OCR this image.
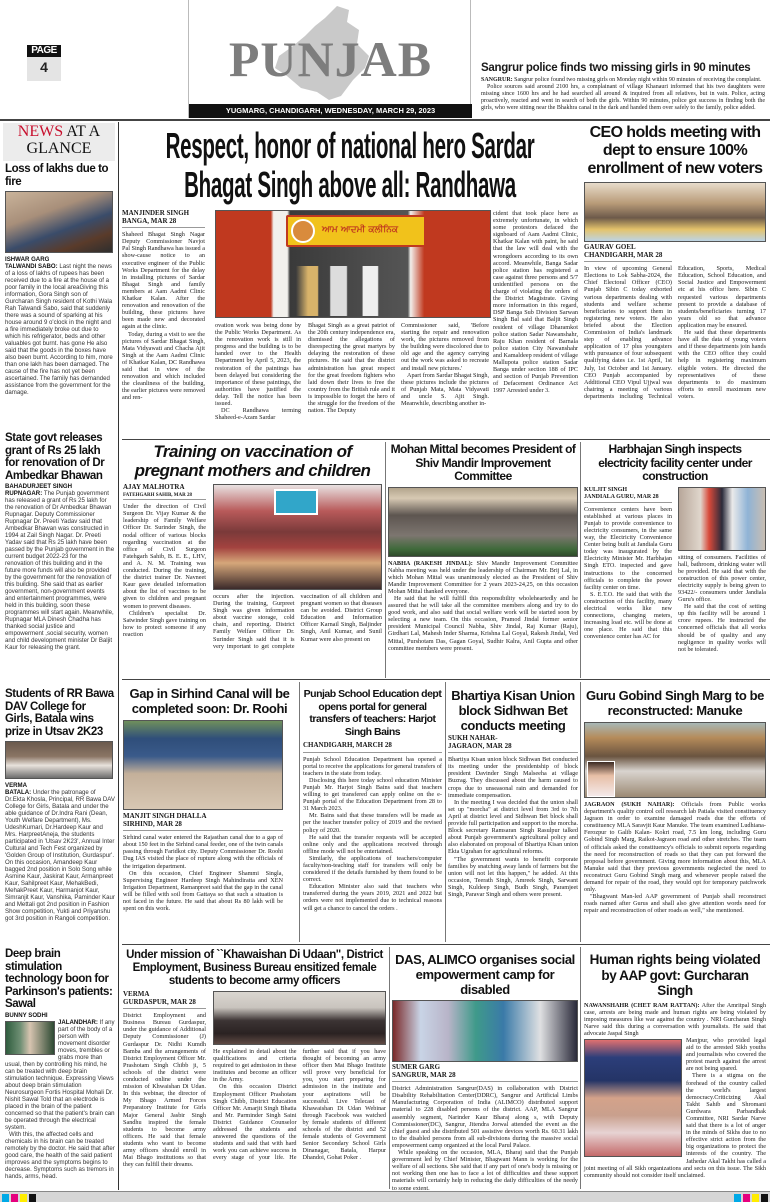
PAGE
4	PUNJAB
YUGMARG, CHANDIGARH, WEDNESDAY, MARCH 29, 2023
Sangrur police finds two missing girls in 90 minutes

SANGRUR: Sangrur police found two missing girls on Monday night within 90 minutes of receiving the complaint.

Police sources said around 2100 hrs, a complainant of village Khanauri informed that his two daughters were missing since 1600 hrs and he had searched all around & inquired from all relatives, but in vain. Police, acting proactively, reacted and went in search of both the girls. Within 90 minutes, police got success in finding both the girls, who were sitting near the Bhakhra canal in the dark and handed them over safely to the family, police added.

NEWS AT A GLANCE
Loss of lakhs due to fire
ISHWAR GARG
TALWANDI SABO: Last night the news of a loss of lakhs of rupees has been received due to a fire at the house of a poor family in the local areaGiving this information, Gora Singh son of Gurcharan Singh resident of Kothi Wala Rah Talwandi Sabo, said that suddenly there was a sound of sparking at his house around 9 o'clock in the night and a fire immediately broke out due to which his refrigerator, beds and other valuables got burnt. has gone He also said that the goods in the boxes have also been burnt. According to him, more than one lakh has been damaged. The cause of the fire has not yet been ascertained. The family has demanded assistance from the government for the damage.
State govt releases grant of Rs 25 lakh for renovation of Dr Ambedkar Bhawan
BAHADURJEET SINGH
RUPNAGAR: The Punjab government has released a grant of Rs 25 lakh for the renovation of Dr Ambedkar Bhawan Rupnagar. Deputy Commissioner Rupnagar Dr. Preeti Yadav said that Ambedkar Bhawan was constructed in 1994 at Zail Singh Nagar. Dr. Preeti Yadav said that Rs 25 lakh have been passed by the Punjab government in the current budget 2022-23 for the renovation of this building and in the future more funds will also be provided by the government for the renovation of this building. She said that as earlier government, non-government events and entertainment programmes, were held in this building, soon these programmes will start again. Meanwhile, Rupnagar MLA Dinesh Chadha has thanked social justice and empowerment ,social security, women and child development minister Dr Baljit Kaur for releasing the grant.
Students of RR Bawa DAV College for Girls, Batala wins prize in Utsav 2K23
VERMA
BATALA: Under the patronage of Dr.Ekta Khosla, Principal, RR Bawa DAV College for Girls, Batala and under the able guidance of Dr.Indra Rani (Dean, Youth Welfare Department), Ms. UdeshKumari, Dr.Hardeep Kaur and Mrs. HarpreetAneja, the students participated in 'Utsav 2K23', Annual Inter Cultural and Tech Fest organized by 'Golden Group of Institution, Gurdaspur'. On this occasion, Amandeep Kaur bagged 2nd position in Solo Song while Asmine Kaur, Jaskirat Kaur, Armanpreet Kaur, Sahilpreet Kaur, MehakBedi, MehakPreet Kaur, Harmanjot Kaur, Simranjit Kaur, Vanshika, Paminder Kaur and Mettali got 2nd position in Fashion Show competition, Yukti and Priyanshu got 3rd position in Rangoli competition.
Deep brain stimulation technology boon for Parkinson's patients: Sawal
BUNNY SODHI
JALANDHAR: If any part of the body of a person with movement disorder moves, trembles or grabs more than usual, then by controlling his mind, he can be treated with deep brain stimulation technique. Expressing Views about deep brain stimulation Neurosurgeon Fortis Hospital Mohali Dr. Nishit Sawal Told that an electrode is placed in the brain of the patient concerned so that the patient's brain can be operated through the electrical system.
With this, the affected cells and chemicals in his brain can be treated remotely by the doctor. He said that after good care, the health of the said patient improves and the symptoms begins to decrease. Symptoms such as tremors in hands, arms, head.
Respect, honor of national hero Sardar
Bhagat Singh above all: Randhawa
MANJINDER SINGH
BANGA, MAR 28

Shaheed Bhagat Singh Nagar Deputy Commissioner Navjot Pal Singh Randhawa has issued a show-cause notice to an executive engineer of the Public Works Department for the delay in installing pictures of Sardar Bhagat Singh and family members at Aam Aadmi Clinic Khatkar Kalan. After the renovation and renovation of the building, these pictures have been made new and decorated again at the clinic.

Today, during a visit to see the pictures of Sardar Bhagat Singh, Mata Vidyawati and Chacha Ajit Singh at the Aam Aadmi Clinic of Khatkar Kalan, DC Randhawa said that in view of the renovation and which included the cleanliness of the building, the earlier pictures were removed and ren-

ਆਮ ਆਦਮੀ ਕਲੀਨਿਕ

ovation work was being done by the Public Works Department. As the renovation work is still in progress and the building is to be handed over to the Health Department by April 5, 2023, the restoration of the paintings has been delayed but considering the importance of these paintings, the authorities have justified the delay. Tell the notice has been issued.

DC Randhawa terming Shaheed-e-Azam Sardar

Bhagat Singh as a great patriot of the 20th century independence era, dismissed the allegations of disrespecting the great martyrs by delaying the restoration of these pictures. He said that the district administration has great respect for the great freedom fighters who laid down their lives to free the country from the British rule and it is impossible to forget the hero of the struggle for the freedom of the nation. The Deputy

Commissioner said, 'Before starting the repair and renovation work, the pictures removed from the building were discolored due to old age and the agency carrying out the work was asked to recreate and install new pictures.'

Apart from Sardar Bhagat Singh, these pictures include the pictures of Punjab Mata, Mata Vidyavati and uncle S. Ajit Singh. Meanwhile, describing another in-

cident that took place here as extremely unfortunate, in which some protestors defaced the signboard of Aam Aadmi Clinic, Khatkar Kalan with paint, he said that the law will deal with the wrongdoers according to its own accord. Meanwhile, Banga Sadar police station has registered a case against three persons and 5/7 unidentified persons on the charge of violating the orders of the District Magistrate. Giving more information in this regard, DSP Banga Sub Division Sarwan Singh Bal said that Baljit Singh resident of village Dharamkot police station Sadar Nawanshahr, Raju Khan resident of Barnala police station City Nawanshahr and Kamaldeep resident of village Mallupota police station Sadar Banga under section 188 of IPC and section of Punjab Prevention of Defacement Ordinance Act 1997 Arrested under 3.

CEO holds meeting with dept to ensure 100% enrollment of new voters
GAURAV GOEL
CHANDIGARH, MAR 28

In view of upcoming General Elections to Lok Sabha-2024, the Chief Electoral Officer (CEO) Punjab Sibin C today exhorted various departments dealing with students and welfare scheme beneficiaries to support them in registering new voters. He also briefed about the Election Commission of India's landmark step of enabling advance application of 17 plus youngsters with pursuance of four subsequent qualifying dates i.e. 1st April, 1st July, 1st October and 1st January. CEO Punjab accompanied by Additional CEO Vipul Ujjwal was chairing a meeting of various departments including Technical Education, Sports, Medical Education, School Education, and Social Justice and Empowerment etc at his office here. Sibin C requested various departments present to provide a database of students/beneficiaries turning 17 years old so that advance application may be ensured.

He said that these departments have all the data of young voters and if these departments join hands with the CEO office they could help in registering maximum eligible voters. He directed the representatives of these departments to do maximum efforts to enroll maximum new voters.

Training on vaccination of pregnant mothers and children
AJAY MALHOTRA
FATEHGARH SAHIB, MAR 28

Under the direction of Civil Surgeon Dr. Vijay Kumar & the leadership of Family Welfare Officer Dr. Surinder Singh, the nodal officer of various blocks regarding vaccination at the office of Civil Surgeon Fatehgarh Sahib, B. E. E., LHV, and A. N. M. Training was conducted. During the training, the district trainer Dr. Navneet Kaur gave detailed information about the list of vaccines to be given to children and pregnant women to prevent diseases.

Children's specialist Dr. Satwinder Singh gave training on how to protect someone if any reaction

occurs after the injection. During the training, Gurpreet Singh was given information about vaccine storage, cold chain, and reporting. District Family Welfare Officer Dr. Surinder Singh said that it is very important to get complete vaccination of all children and pregnant women so that diseases can be avoided. District Group Education and Information Officer Karnail Singh, Baljinder Singh, Anil Kumar, and Sunil Kumar were also present on

Mohan Mittal becomes President of Shiv Mandir Improvement Committee

NABHA (RAKESH JINDAL): Shiv Mandir Improvement Committee Nabha meeting was held under the leadership of Chairman Mr. Brij Lal, in which Mohan Mittal was unanimously elected as the President of Shiv Mandir Improvement Committee for 2 years 2023-24,25, on this occasion Mohan Mittal thanked everyone.

He said that he will fulfill this responsibility wholeheartedly and he assured that he will take all the committee members along and try to do good work, and also said that social welfare work will be started soon by selecting a new team. On this occasion, Pramod Jindal former senior president Municipal Council Nabha, Shiv Jindal, Raj Kumar (Raju), Girdhari Lal, Mahesh Inder Sharma, Krishna Lal Goyal, Rakesh Jindal, Ved Mittal, Purshotam Das, Gagan Goyal, Sudhir Kalra, Anil Gupta and other committee members were present.

Harbhajan Singh inspects electricity facility center under construction
KULJIT SINGH
JANDIALA GURU, MAR 28

Convenience centers have been established at various places in Punjab to provide convenience to electricity consumers, in the same way, the Electricity Convenience Center being built at Jandiala Guru today was inaugurated by the Electricity Minister Mr. Harbhajan Singh ETO. inspected and gave instructions to the concerned officials to complete the power facility center on time.

S. E.T.O. He said that with the construction of this facility, many electrical works like new connections, changing meters, increasing load etc. will be done at one place. He said that this convenience center has AC for

sitting of consumers. Facilities of hall, bathroom, drinking water will be provided. He said that with the construction of this power center, electricity supply is being given to 93422/- consumers under Jandiala Guru's office.

He said that the cost of setting up this facility will be around 1 crore rupees. He instructed the concerned officials that all works should be of quality and any negligence in quality works will not be tolerated.

Gap in Sirhind Canal will be completed soon: Dr. Roohi
MANJIT SINGH DHALLA
SIRHIND, MAR 28

Sirhind canal water entered the Rajasthan canal due to a gap of about 150 feet in the Sirhind canal feeder, one of the twin canals passing through Faridkot city. Deputy Commissioner Dr. Roohi Dug IAS visited the place of rupture along with the officials of the irrigation department.

On this occasion, Chief Engineer Shammi Singla, Supervising Engineer Hardeep Singh Mahindiratta and XEN Irrigation Department, Ramanpreet said that the gap in the canal will be filled with soil from Gattaya so that such a situation is not faced in the future. He said that about Rs 80 lakh will be spent on this work.

Punjab School Education dept opens portal for general transfers of teachers: Harjot Singh Bains
CHANDIGARH, MARCH 28

Punjab School Education Department has opened a portal to receive the applications for general transfers of teachers in the state from today.

Disclosing this here today school education Minister Punjab Mr. Harjot Singh Bains said that teachers willing to get transfered can apply online on the e-Punjab portal of the Education Department from 28 to 31 March 2023.

Mr. Bains said that these transfers will be made as per the teacher transfer policy of 2019 and the revised policy of 2020.

He said that the transfer requests will be accepted online only and the applications received through offline mode will not be entertained.

Similarly, the applications of teachers/computer faculty/non-teaching staff for transfers will only be considered if the details furnished by them found to be correct.

Education Minister also said that teachers who transferred during the years 2019, 2021 and 2022 but orders were not implemented due to technical reasons will get a chance to cancel the orders .

Bhartiya Kisan Union block Sidhwan Bet conducts meeting
SUKH NAHAR-
JAGRAON, MAR 28

Bhartiya Kisan union block Sidhwan Bet conducted its meeting under the presidentship of block president Davinder Singh Malseeha at village Buzrag. They discussed about the harm caused to crops due to unseasonal rain and demanded for immediate compensation.

In the meeting I was decided that the union shall set up "morcha" at district level from 3rd to 7th April at district level and Sidhwan Bet block shall provide full participation and support to the morcha. Block secretary Ramsaran Singh Rasulpur talked about Punjab government's agricultural policy and also elaborated on proposal of Bhartiya Kisan union Ekta Ugrahan for agricultural reforms.

"The government wants to benefit corporate families by snatching away lands of farmers but the union will not let this happen," he added. At this occasion, Teerath Singh, Amreek Singh, Sarwant Singh, Kuldeep Singh, Budh Singh, Paramjeet Singh, Paravar Singh and others were present.

Guru Gobind Singh Marg to be reconstructed: Manuke

JAGRAON (SUKH NAHAR): Officials from Public works department's quality control cell research lab Patiala visited constituency Jagraon in order to examine damaged roads due the efforts of constituency MLA Saravjit Kaur Manuke. The team examined Ludhiana-Ferozpur to Galib Kalan- Kokri road, 7.5 km long, including Guru Gobind Singh Marg, Raikot-Jagraon road and other stretches. The team of officials asked the constituency's officials to submit reports regarding the need for reconstruction of roads so that they can put forward the proposal before government. Giving more information about this, MLA Manuke said that they previous governments neglected the need to reconstruct Guru Gobind Singh marg and whenever people raised the demand for repair of the road, they would opt for temporary patchwork only.

"Bhagwant Man-led AAP government of Punjab shall reconstruct roads named after Gurus and shall also give attention words need for repair and reconstruction of other roads as well," she mentioned.

Under mission of ``Khawaishan Di Udaan", District Employment, Business Bureau ensitized female students to become army officers
VERMA
GURDASPUR, MAR 28

District Employment and Business Bureau Gurdaspur, under the guidance of Additional Deputy Commissioner (J) Gurdaspur Dr. Nidhi Kumdh Bamba and the arrangements of District Employment Officer Mr. Prashotam Singh Chibb ji, 5 schools of the district were conducted online under the mission of Khwaishan Di Udan. In this webinar, the director of My Bhago Armed Forces Preparatory Institute for Girls Major General Jasbir Singh Sandhu inspired the female students to become army officers. He said that female students who want to become army officers should enroll in Mai Bhago institutions so that they can fulfill their dreams.

He explained in detail about the qualifications and criteria required to get admission in these institutes and become an officer in the Army.

On this occasion District Employment Officer Prashotam Singh Chibb, District Education Officer Mr. Amarjit Singh Bhatia and Mr. Parminder Singh Saini District Guidance Counselor addressed the students and answered the questions of the students and said that with hard work you can achieve success in every stage of your life. He further said that if you have thought of becoming an army officer then Mai Bhago Institute will prove very beneficial for you, you start preparing for admission in the institute and your aspirations will be successful. Live Telecast of Khawaishan Di Udan Webinar through Facebook was watched by female students of different schools of the district and 52 female students of Government Senior Secondary School Girls Dinanagar, Batala, Harpur Dhandoi, Gohat Poker .

DAS, ALIMCO organises social empowerment camp for disabled
SUMER GARG
SANGRUR, MAR 28

District Administration Sangrur(DAS) in collaboration with District Disability Rehabilitation Center(DDRC), Sangrur and Artificial Limbs Manufacturing Corporation of India (ALIMCO) distributed support material to 228 disabled persons of the district. AAP, MLA Sangrur assembly segment, Narinder Kaur Bharaj along s, with Deputy Commissioner(DC), Sangrur, Jitendra Jorwal attended the event as the chief guest and she distributed 501 assistive devices worth Rs. 60.31 lakh to the disabled persons from all sub-divisions during the massive social empowerment camp organized at the local Parul Palace.

While speaking on the occasion, MLA, Bharaj said that the Punjab government led by Chief Minister, Bhagwant Mann is working for the welfare of all sections. She said that if any part of one's body is missing or not working then one has to face a lot of difficulties and these support materials will certainly help in reducing the daily difficulties of the needy to some extent.

Human rights being violated by AAP govt: Gurcharan Singh

NAWANSHAHR (CHET RAM RATTAN): After the Amritpal Singh case, arrests are being made and human rights are being violated by imposing measures like war against the country . NRI Gurcharan Singh Narve said this during a conversation with journalists. He said that advocate Jaspal Singh

Manjpur, who provided legal aid to the arrested Sikh youths and journalists who covered the protest march against the arrest are not being spared.

There is a stigma on the forehead of the country called the world's largest democracy.Criticizing Akal Takht Sahib and Shromani Gurdwara Parbandhak Committee, NRI Sardar Narve said that there is a lot of anger in the minds of Sikhs due to no effective strict action from the big organizations to protect the interests of the country. The Jathedar Akal Takht has called a joint meeting of all Sikh organizations and sects on this issue. The Sikh community should not consider itself unclaimed.
